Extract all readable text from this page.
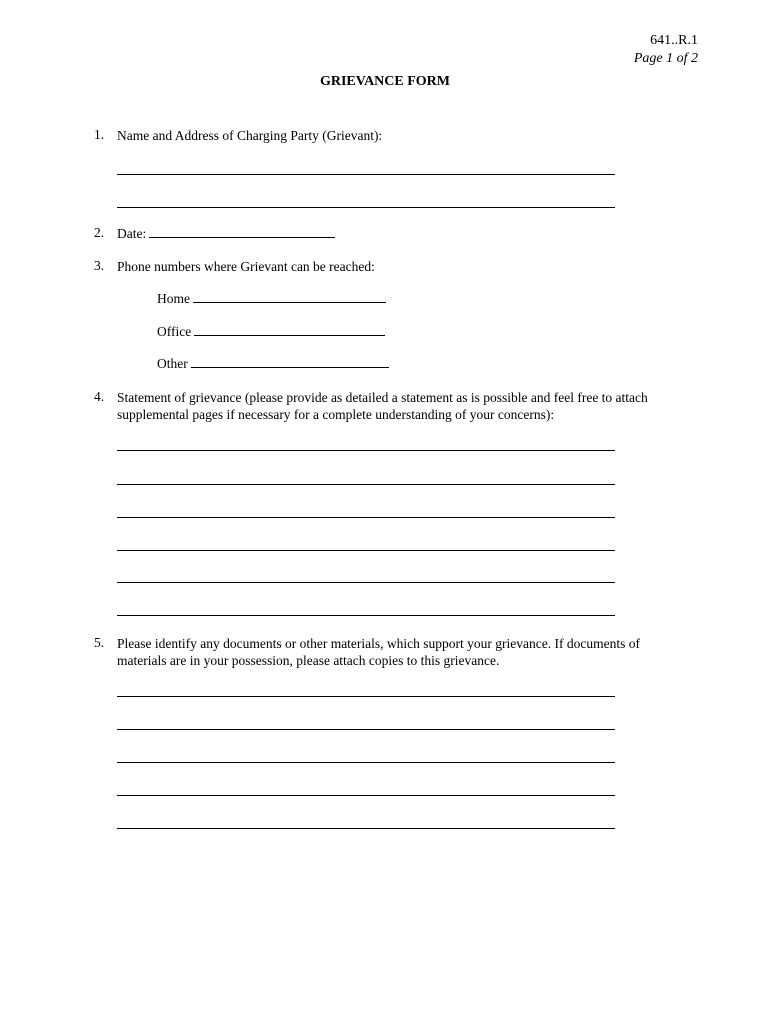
641..R.1
Page 1 of 2
GRIEVANCE FORM
1. Name and Address of Charging Party (Grievant):
2. Date:
3. Phone numbers where Grievant can be reached:
Home
Office
Other
4. Statement of grievance (please provide as detailed a statement as is possible and feel free to attach supplemental pages if necessary for a complete understanding of your concerns):
5. Please identify any documents or other materials, which support your grievance. If documents of materials are in your possession, please attach copies to this grievance.
